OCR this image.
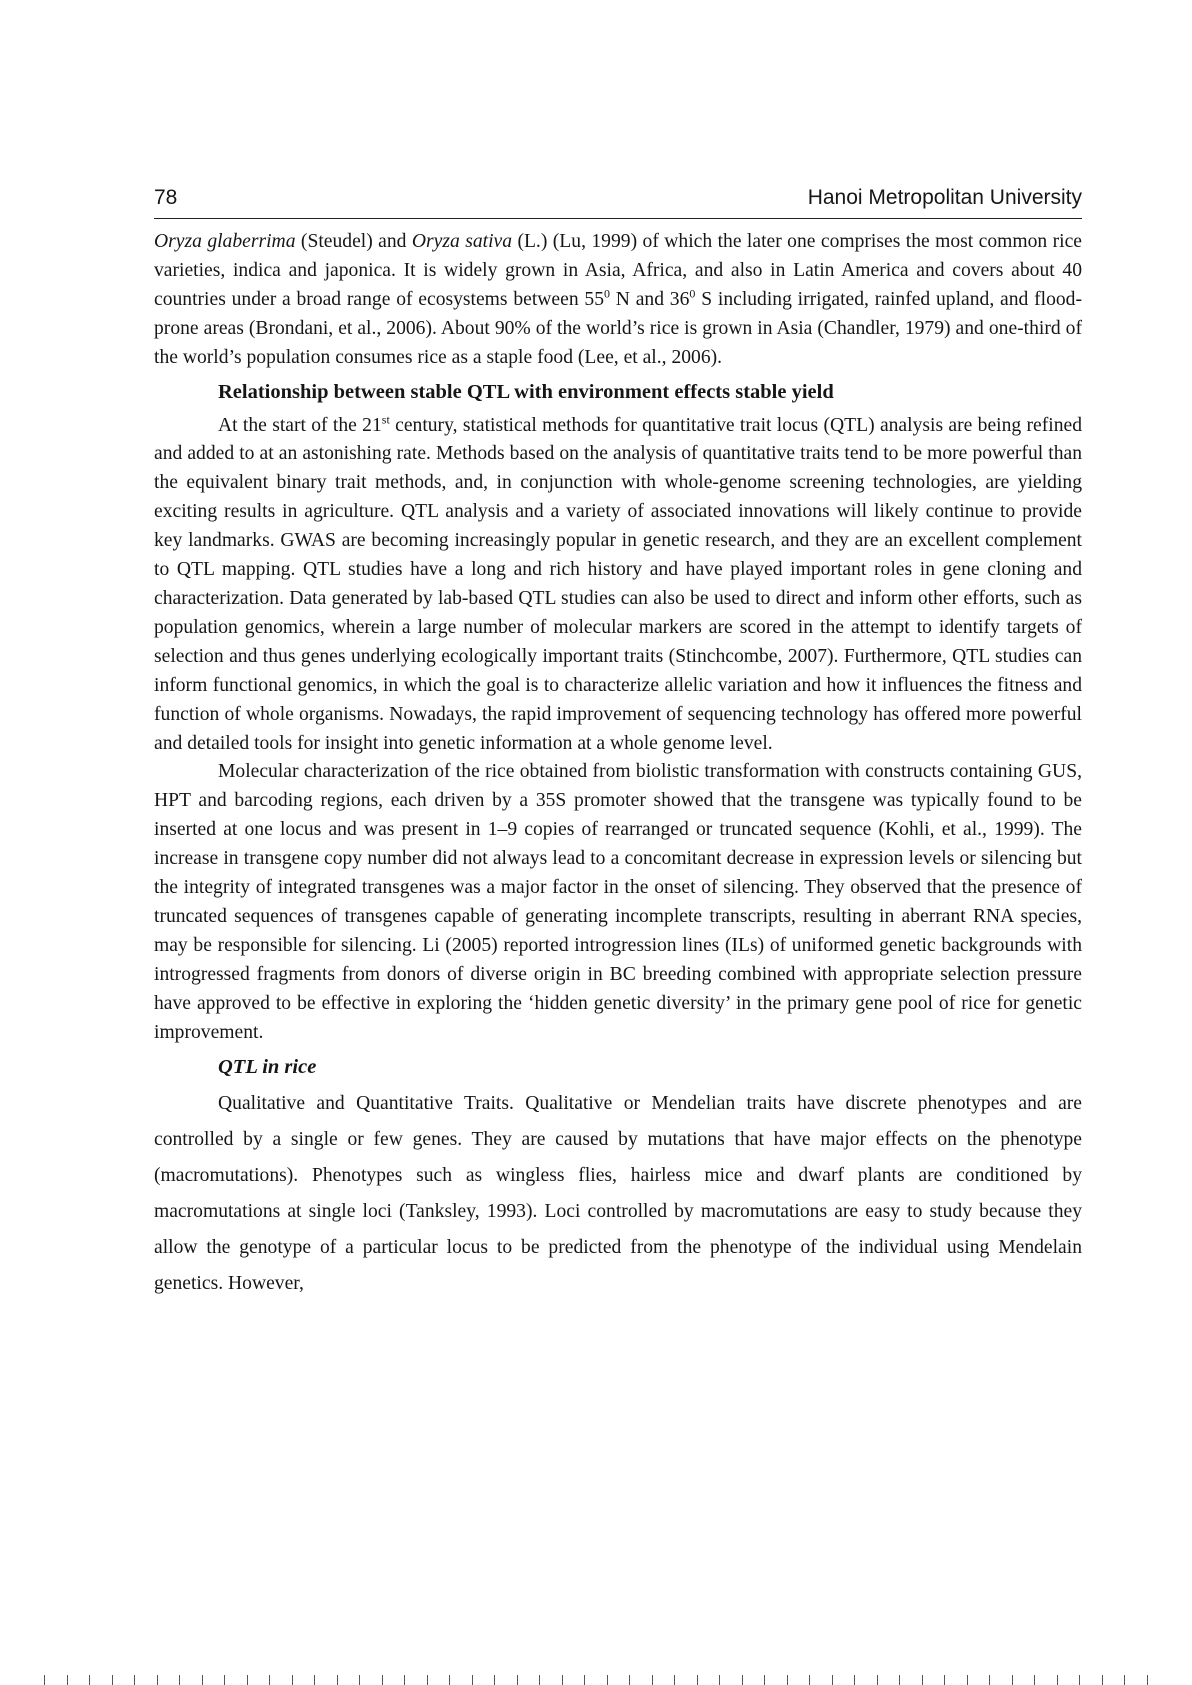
78	Hanoi Metropolitan University

Oryza glaberrima (Steudel) and Oryza sativa (L.) (Lu, 1999) of which the later one comprises the most common rice varieties, indica and japonica. It is widely grown in Asia, Africa, and also in Latin America and covers about 40 countries under a broad range of ecosystems between $55^0$ N and $36^0$ S including irrigated, rainfed upland, and flood-prone areas (Brondani, et al., 2006). About 90% of the world’s rice is grown in Asia (Chandler, 1979) and one-third of the world’s population consumes rice as a staple food (Lee, et al., 2006).

Relationship between stable QTL with environment effects stable yield

At the start of the 21st century, statistical methods for quantitative trait locus (QTL) analysis are being refined and added to at an astonishing rate. Methods based on the analysis of quantitative traits tend to be more powerful than the equivalent binary trait methods, and, in conjunction with whole-genome screening technologies, are yielding exciting results in agriculture. QTL analysis and a variety of associated innovations will likely continue to provide key landmarks. GWAS are becoming increasingly popular in genetic research, and they are an excellent complement to QTL mapping. QTL studies have a long and rich history and have played important roles in gene cloning and characterization. Data generated by lab-based QTL studies can also be used to direct and inform other efforts, such as population genomics, wherein a large number of molecular markers are scored in the attempt to identify targets of selection and thus genes underlying ecologically important traits (Stinchcombe, 2007). Furthermore, QTL studies can inform functional genomics, in which the goal is to characterize allelic variation and how it influences the fitness and function of whole organisms. Nowadays, the rapid improvement of sequencing technology has offered more powerful and detailed tools for insight into genetic information at a whole genome level.

Molecular characterization of the rice obtained from biolistic transformation with constructs containing GUS, HPT and barcoding regions, each driven by a 35S promoter showed that the transgene was typically found to be inserted at one locus and was present in 1–9 copies of rearranged or truncated sequence (Kohli, et al., 1999). The increase in transgene copy number did not always lead to a concomitant decrease in expression levels or silencing but the integrity of integrated transgenes was a major factor in the onset of silencing. They observed that the presence of truncated sequences of transgenes capable of generating incomplete transcripts, resulting in aberrant RNA species, may be responsible for silencing. Li (2005) reported introgression lines (ILs) of uniformed genetic backgrounds with introgressed fragments from donors of diverse origin in BC breeding combined with appropriate selection pressure have approved to be effective in exploring the ‘hidden genetic diversity’ in the primary gene pool of rice for genetic improvement.

QTL in rice

Qualitative and Quantitative Traits. Qualitative or Mendelian traits have discrete phenotypes and are controlled by a single or few genes. They are caused by mutations that have major effects on the phenotype (macromutations). Phenotypes such as wingless flies, hairless mice and dwarf plants are conditioned by macromutations at single loci (Tanksley, 1993). Loci controlled by macromutations are easy to study because they allow the genotype of a particular locus to be predicted from the phenotype of the individual using Mendelain genetics. However,
